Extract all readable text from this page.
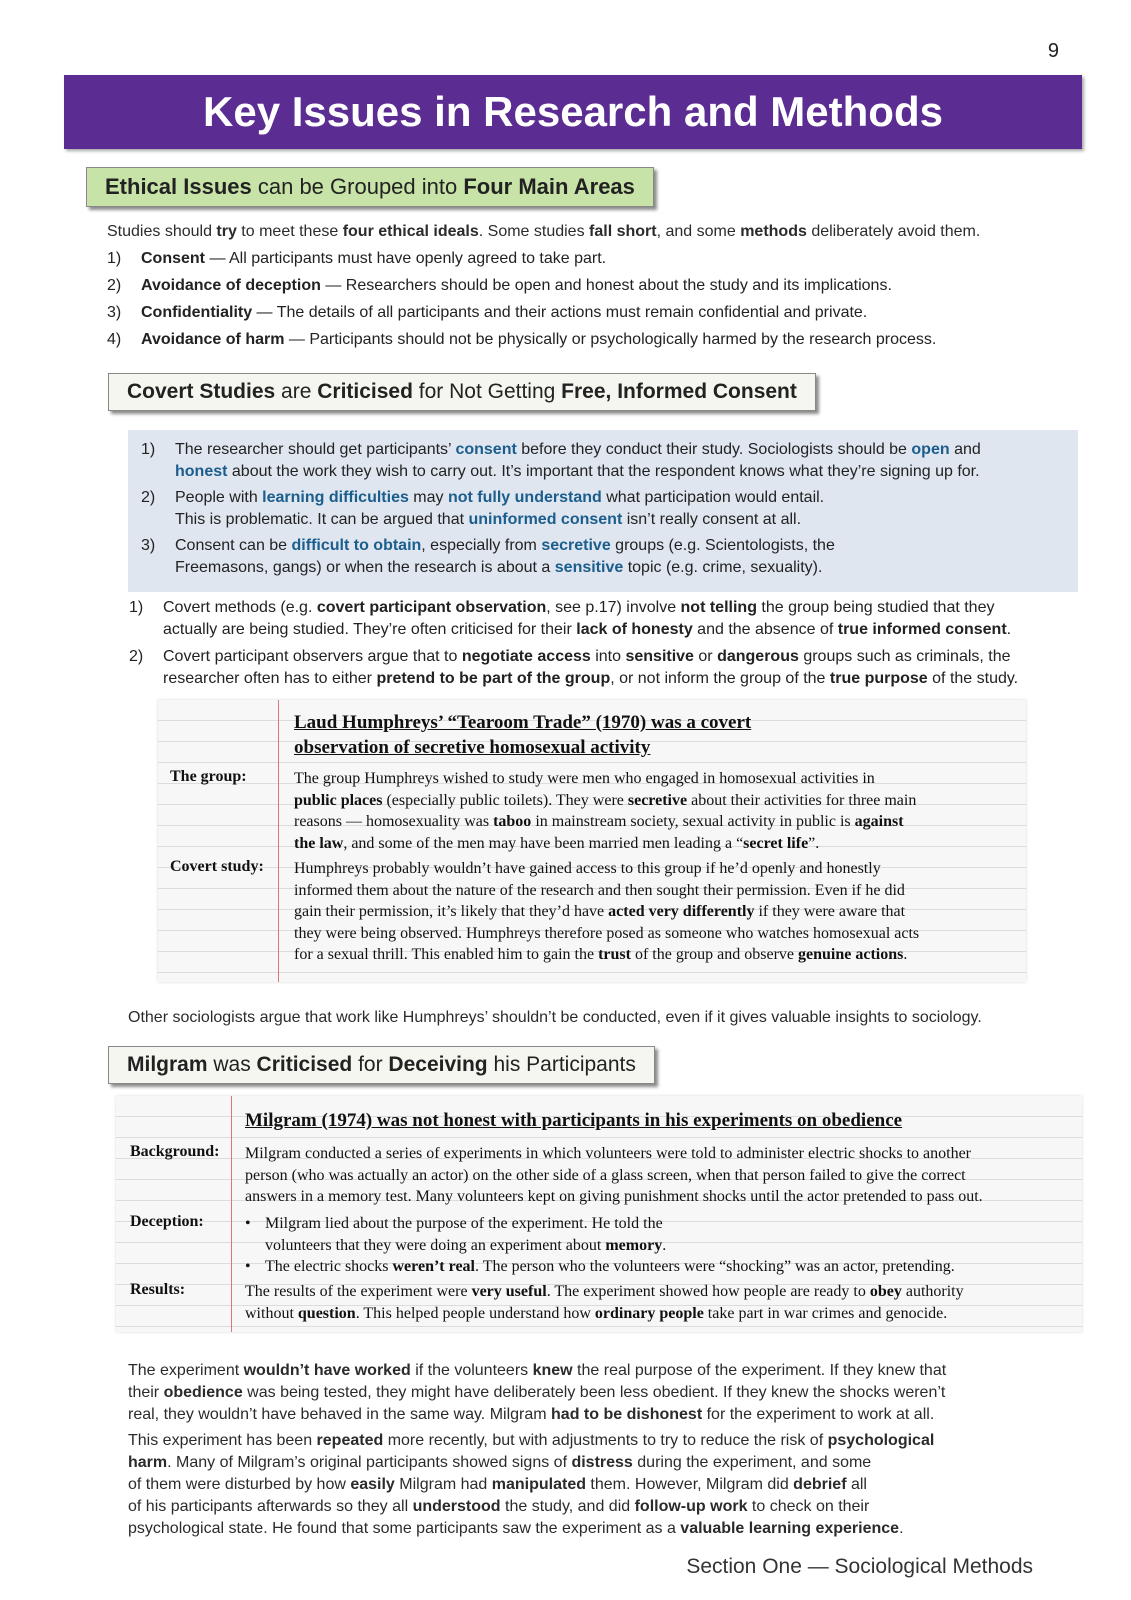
9
Key Issues in Research and Methods
Ethical Issues can be Grouped into Four Main Areas
Studies should try to meet these four ethical ideals. Some studies fall short, and some methods deliberately avoid them.
1)	Consent — All participants must have openly agreed to take part.
2)	Avoidance of deception — Researchers should be open and honest about the study and its implications.
3)	Confidentiality — The details of all participants and their actions must remain confidential and private.
4)	Avoidance of harm — Participants should not be physically or psychologically harmed by the research process.
Covert Studies are Criticised for Not Getting Free, Informed Consent
1)	The researcher should get participants’ consent before they conduct their study. Sociologists should be open and
honest about the work they wish to carry out. It’s important that the respondent knows what they’re signing up for.
2)	People with learning difficulties may not fully understand what participation would entail.
This is problematic. It can be argued that uninformed consent isn’t really consent at all.
3)	Consent can be difficult to obtain, especially from secretive groups (e.g. Scientologists, the
Freemasons, gangs) or when the research is about a sensitive topic (e.g. crime, sexuality).
1)	Covert methods (e.g. covert participant observation, see p.17) involve not telling the group being studied that they
actually are being studied. They’re often criticised for their lack of honesty and the absence of true informed consent.
2)	Covert participant observers argue that to negotiate access into sensitive or dangerous groups such as criminals, the
researcher often has to either pretend to be part of the group, or not inform the group of the true purpose of the study.
Laud Humphreys’ “Tearoom Trade” (1970) was a covert
observation of secretive homosexual activity
The group:	The group Humphreys wished to study were men who engaged in homosexual activities in
public places (especially public toilets). They were secretive about their activities for three main
reasons — homosexuality was taboo in mainstream society, sexual activity in public is against
the law, and some of the men may have been married men leading a “secret life”.
Covert study: Humphreys probably wouldn’t have gained access to this group if he’d openly and honestly
informed them about the nature of the research and then sought their permission. Even if he did
gain their permission, it’s likely that they’d have acted very differently if they were aware that
they were being observed. Humphreys therefore posed as someone who watches homosexual acts
for a sexual thrill. This enabled him to gain the trust of the group and observe genuine actions.
Other sociologists argue that work like Humphreys’ shouldn’t be conducted, even if it gives valuable insights to sociology.
Milgram was Criticised for Deceiving his Participants
Milgram (1974) was not honest with participants in his experiments on obedience
Background: Milgram conducted a series of experiments in which volunteers were told to administer electric shocks to another
person (who was actually an actor) on the other side of a glass screen, when that person failed to give the correct
answers in a memory test. Many volunteers kept on giving punishment shocks until the actor pretended to pass out.
Deception:	• Milgram lied about the purpose of the experiment. He told the
volunteers that they were doing an experiment about memory.
• The electric shocks weren’t real. The person who the volunteers were “shocking” was an actor, pretending.
Results:	The results of the experiment were very useful. The experiment showed how people are ready to obey authority
without question. This helped people understand how ordinary people take part in war crimes and genocide.
The experiment wouldn’t have worked if the volunteers knew the real purpose of the experiment. If they knew that
their obedience was being tested, they might have deliberately been less obedient. If they knew the shocks weren’t
real, they wouldn’t have behaved in the same way. Milgram had to be dishonest for the experiment to work at all.
This experiment has been repeated more recently, but with adjustments to try to reduce the risk of psychological
harm. Many of Milgram’s original participants showed signs of distress during the experiment, and some
of them were disturbed by how easily Milgram had manipulated them. However, Milgram did debrief all
of his participants afterwards so they all understood the study, and did follow-up work to check on their
psychological state. He found that some participants saw the experiment as a valuable learning experience.
Section One — Sociological Methods
